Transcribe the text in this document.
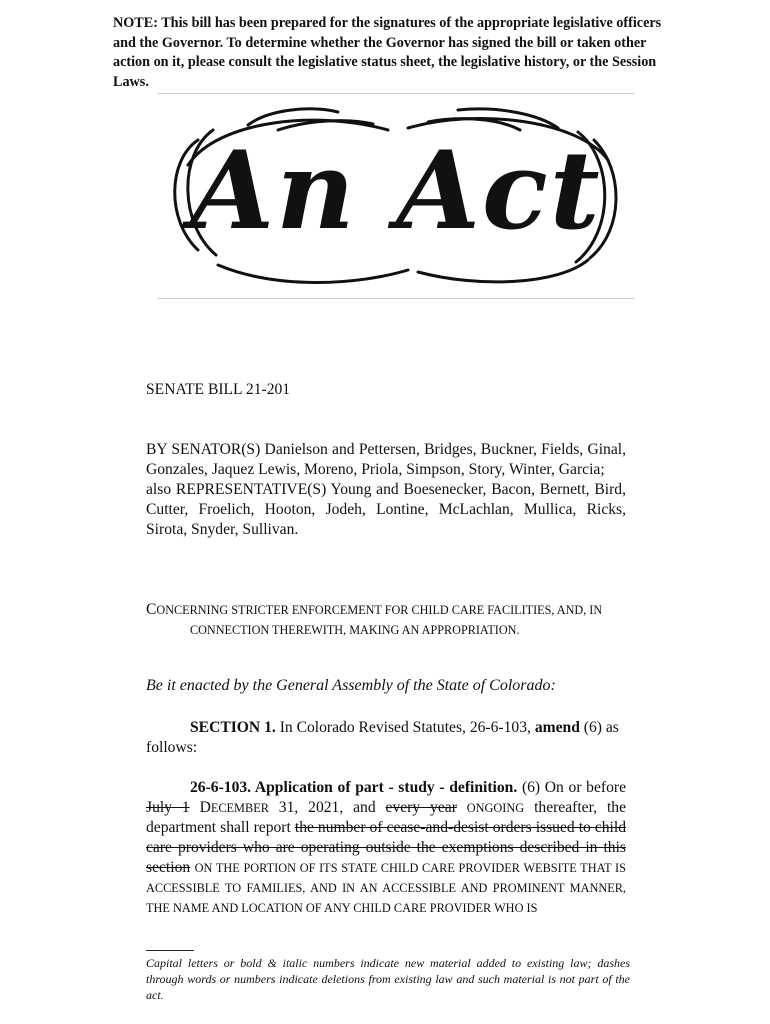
NOTE: This bill has been prepared for the signatures of the appropriate legislative officers and the Governor. To determine whether the Governor has signed the bill or taken other action on it, please consult the legislative status sheet, the legislative history, or the Session Laws.
An Act
SENATE BILL 21-201
BY SENATOR(S) Danielson and Pettersen, Bridges, Buckner, Fields, Ginal, Gonzales, Jaquez Lewis, Moreno, Priola, Simpson, Story, Winter, Garcia;
also REPRESENTATIVE(S) Young and Boesenecker, Bacon, Bernett, Bird, Cutter, Froelich, Hooton, Jodeh, Lontine, McLachlan, Mullica, Ricks, Sirota, Snyder, Sullivan.
CONCERNING STRICTER ENFORCEMENT FOR CHILD CARE FACILITIES, AND, IN
CONNECTION THEREWITH, MAKING AN APPROPRIATION.
Be it enacted by the General Assembly of the State of Colorado:
SECTION 1. In Colorado Revised Statutes, 26-6-103, amend (6) as follows:
26-6-103. Application of part - study - definition. (6) On or before July 1 DECEMBER 31, 2021, and every year ONGOING thereafter, the department shall report the number of cease-and-desist orders issued to child care providers who are operating outside the exemptions described in this section ON THE PORTION OF ITS STATE CHILD CARE PROVIDER WEBSITE THAT IS ACCESSIBLE TO FAMILIES, AND IN AN ACCESSIBLE AND PROMINENT MANNER, THE NAME AND LOCATION OF ANY CHILD CARE PROVIDER WHO IS
Capital letters or bold & italic numbers indicate new material added to existing law; dashes through words or numbers indicate deletions from existing law and such material is not part of the act.
